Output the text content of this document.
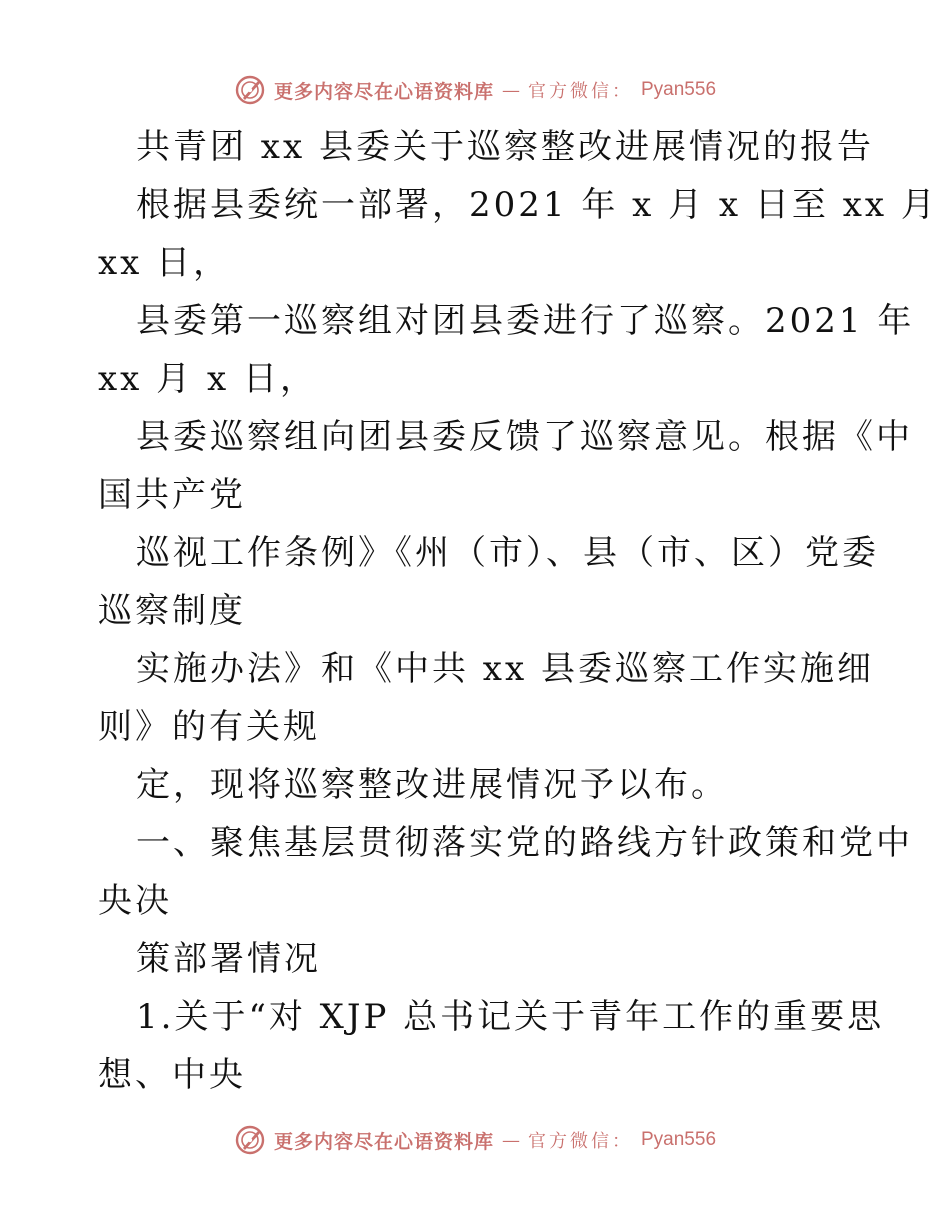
更多内容尽在心语资料库 — 官方微信： Pyan556
共青团 xx 县委关于巡察整改进展情况的报告
根据县委统一部署，2021 年 x 月 x 日至 xx 月
xx 日，
县委第一巡察组对团县委进行了巡察。2021 年
xx 月 x 日，
县委巡察组向团县委反馈了巡察意见。根据《中
国共产党
巡视工作条例》《州（市）、县（市、区）党委
巡察制度
实施办法》和《中共 xx 县委巡察工作实施细
则》的有关规
定，现将巡察整改进展情况予以布。
一、聚焦基层贯彻落实党的路线方针政策和党中
央决
策部署情况
1.关于“对 XJP 总书记关于青年工作的重要思
想、中央
更多内容尽在心语资料库 — 官方微信： Pyan556
